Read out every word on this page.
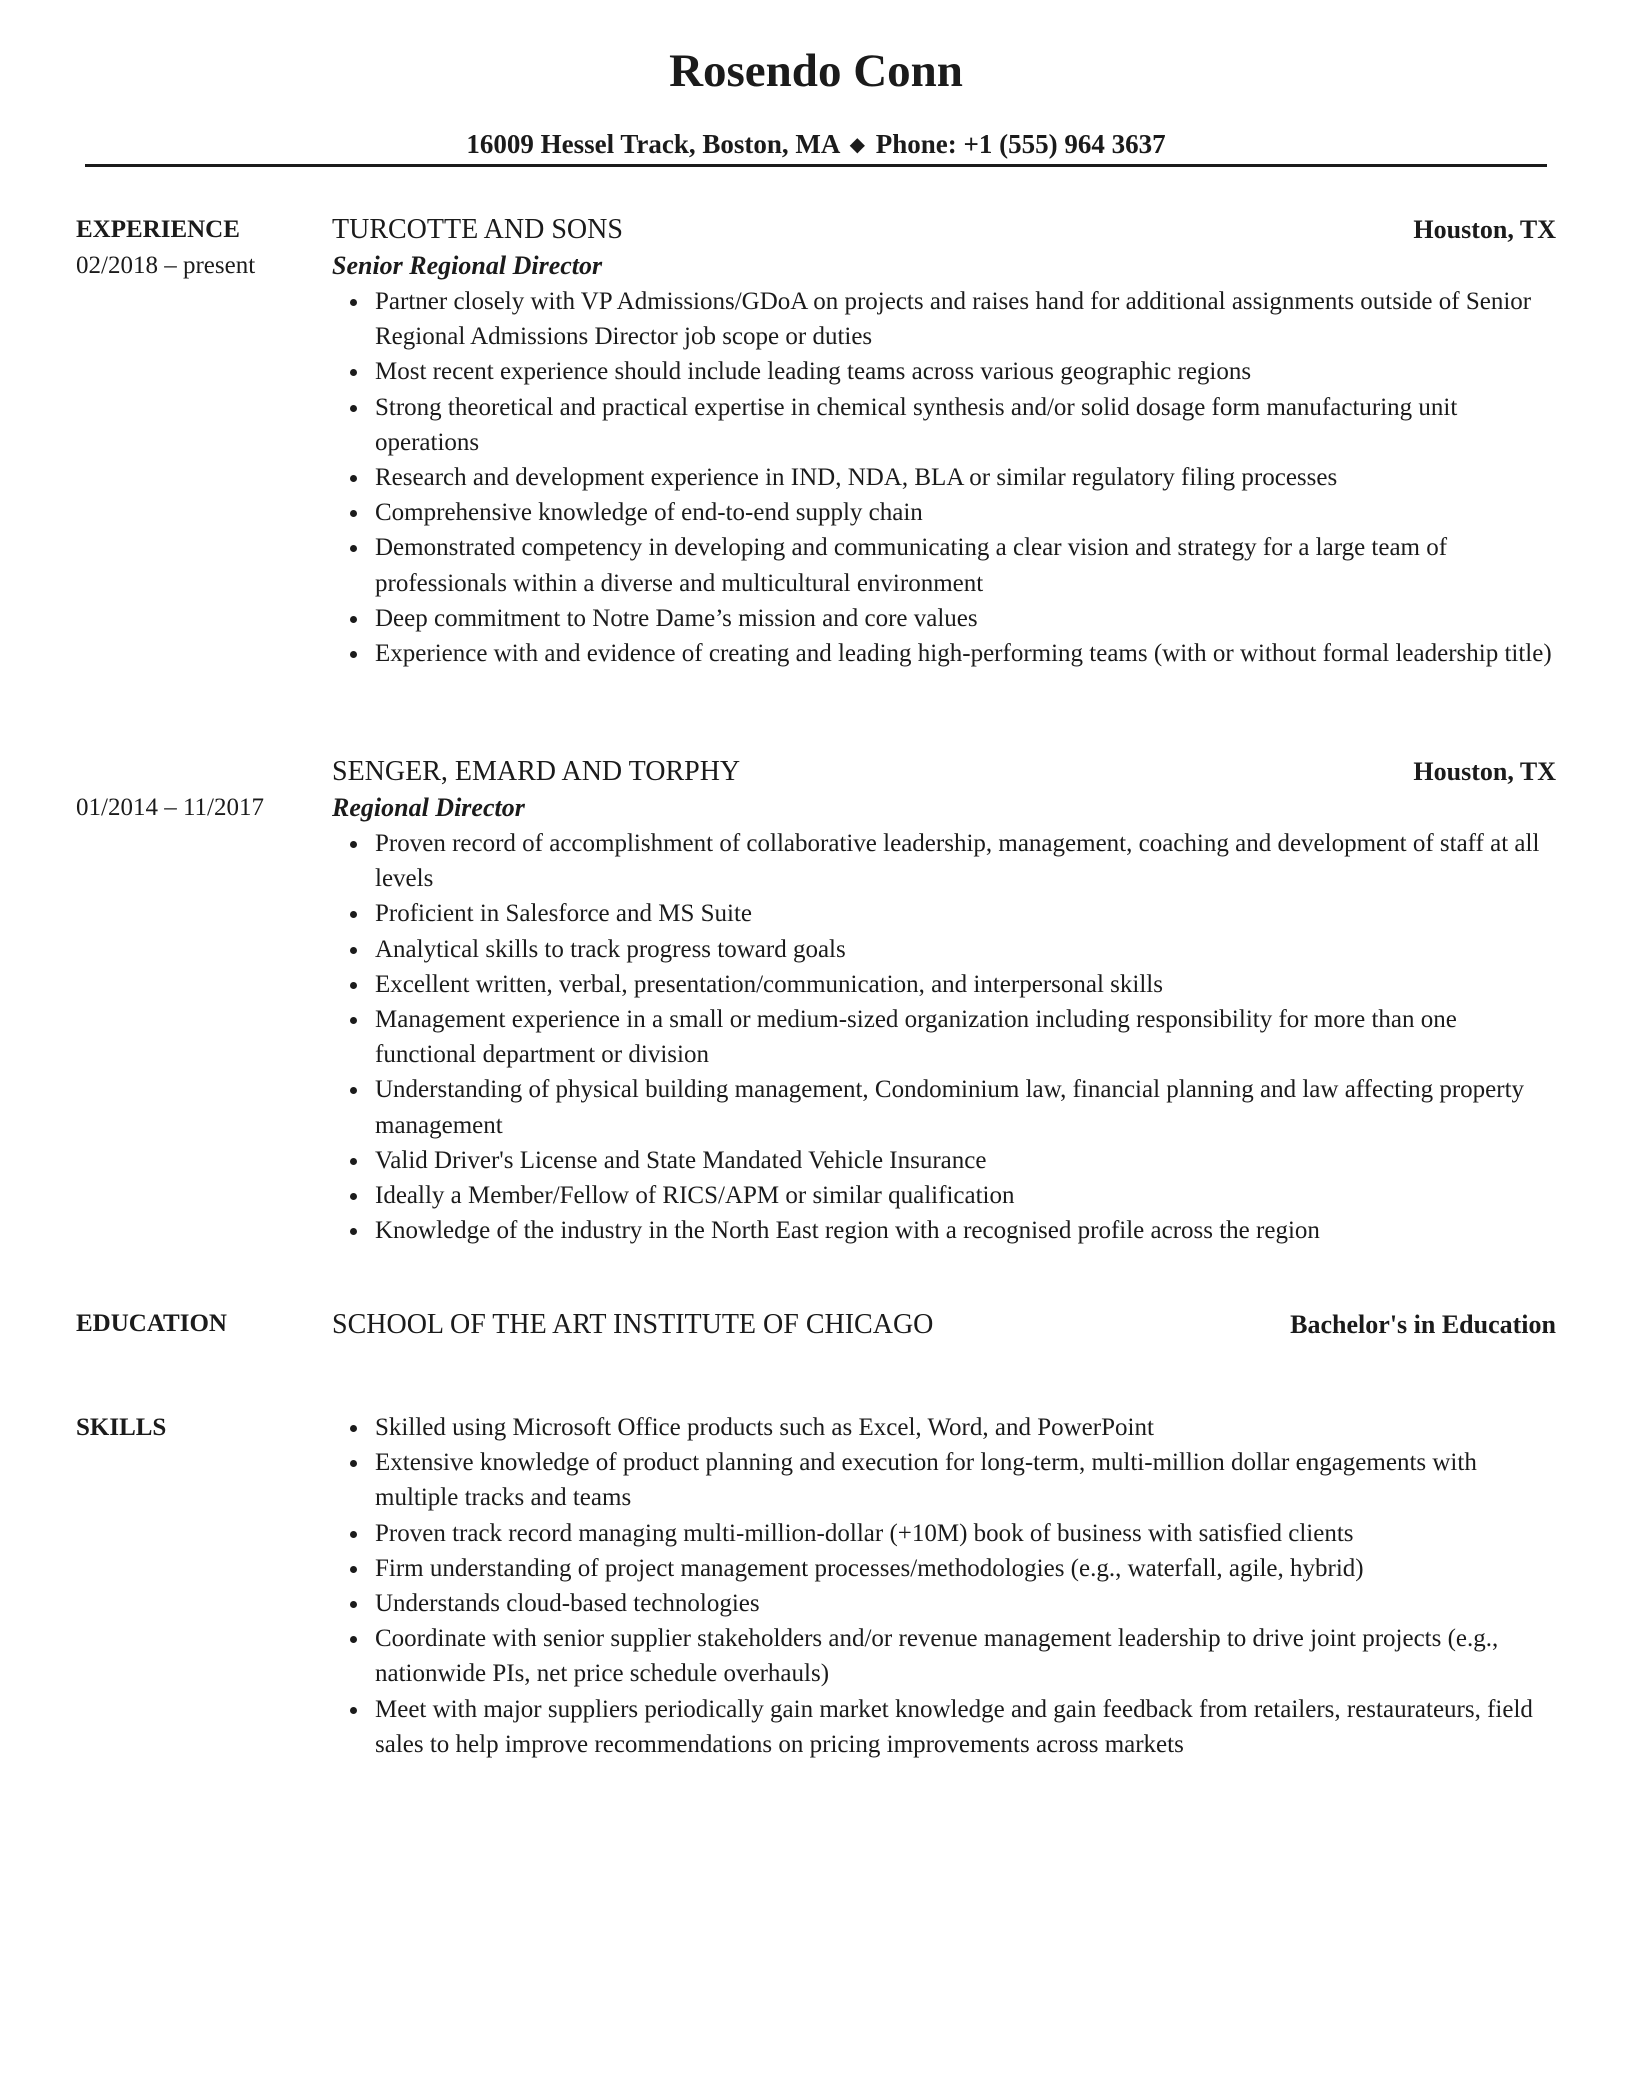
Rosendo Conn
16009 Hessel Track, Boston, MA ◆ Phone: +1 (555) 964 3637
EXPERIENCE
02/2018 – present
TURCOTTE AND SONS	Houston, TX
Senior Regional Director
Partner closely with VP Admissions/GDoA on projects and raises hand for additional assignments outside of Senior Regional Admissions Director job scope or duties
Most recent experience should include leading teams across various geographic regions
Strong theoretical and practical expertise in chemical synthesis and/or solid dosage form manufacturing unit operations
Research and development experience in IND, NDA, BLA or similar regulatory filing processes
Comprehensive knowledge of end-to-end supply chain
Demonstrated competency in developing and communicating a clear vision and strategy for a large team of professionals within a diverse and multicultural environment
Deep commitment to Notre Dame’s mission and core values
Experience with and evidence of creating and leading high-performing teams (with or without formal leadership title)
01/2014 – 11/2017
SENGER, EMARD AND TORPHY	Houston, TX
Regional Director
Proven record of accomplishment of collaborative leadership, management, coaching and development of staff at all levels
Proficient in Salesforce and MS Suite
Analytical skills to track progress toward goals
Excellent written, verbal, presentation/communication, and interpersonal skills
Management experience in a small or medium-sized organization including responsibility for more than one functional department or division
Understanding of physical building management, Condominium law, financial planning and law affecting property management
Valid Driver's License and State Mandated Vehicle Insurance
Ideally a Member/Fellow of RICS/APM or similar qualification
Knowledge of the industry in the North East region with a recognised profile across the region
EDUCATION	SCHOOL OF THE ART INSTITUTE OF CHICAGO	Bachelor's in Education
SKILLS	Skilled using Microsoft Office products such as Excel, Word, and PowerPoint
Extensive knowledge of product planning and execution for long-term, multi-million dollar engagements with multiple tracks and teams
Proven track record managing multi-million-dollar (+10M) book of business with satisfied clients
Firm understanding of project management processes/methodologies (e.g., waterfall, agile, hybrid)
Understands cloud-based technologies
Coordinate with senior supplier stakeholders and/or revenue management leadership to drive joint projects (e.g., nationwide PIs, net price schedule overhauls)
Meet with major suppliers periodically gain market knowledge and gain feedback from retailers, restaurateurs, field sales to help improve recommendations on pricing improvements across markets
